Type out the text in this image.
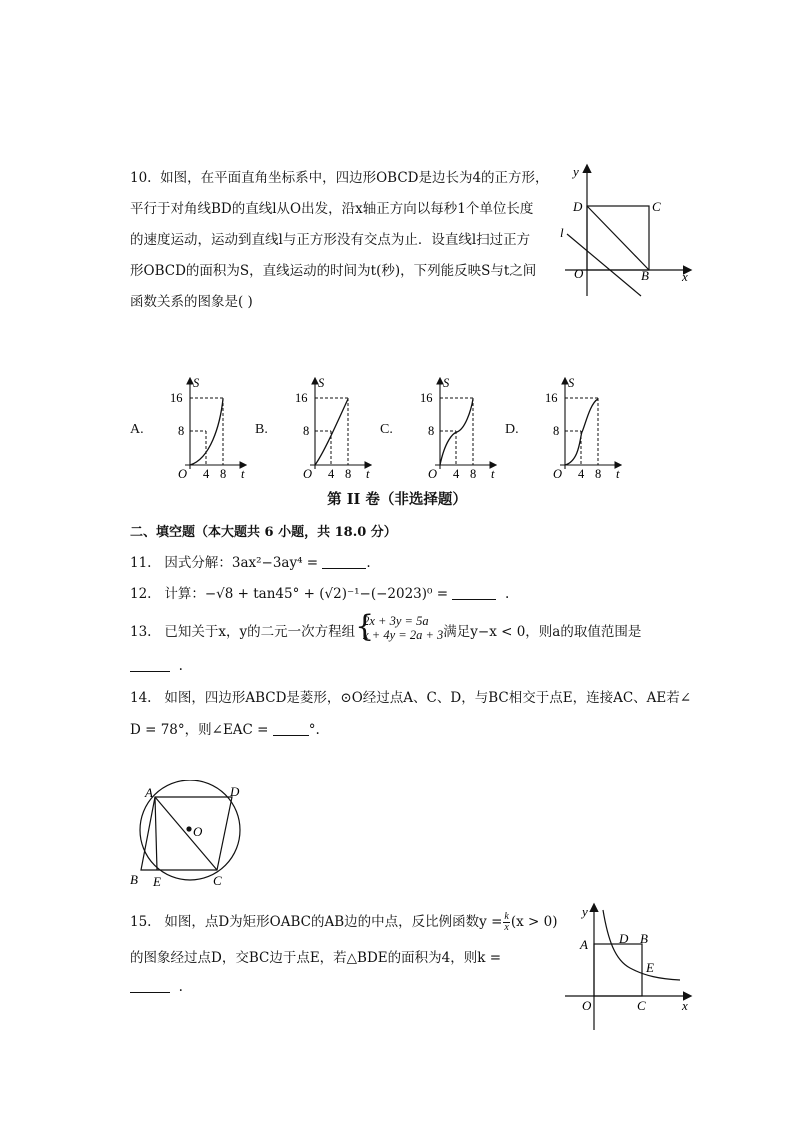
10. 如图，在平面直角坐标系中，四边形OBCD是边长为4的正方形，
平行于对角线BD的直线l从O出发，沿x轴正方向以每秒1个单位长度
的速度运动，运动到直线l与正方形没有交点为止．设直线l扫过正方
形OBCD的面积为S，直线运动的时间为t(秒)，下列能反映S与t之间
函数关系的图象是( )
y
x
D	C
l
O	B
A.
S
t
O
16
8
4 8
B.
S
t
O
16
8
4 8
C.
S
t
O
16
8
4 8
D.
S
t
O
16
8
4 8
第 II 卷（非选择题）
二、填空题（本大题共 6 小题，共 18.0 分）
11. 因式分解：3ax²−3ay⁴ =	.
12. 计算：−√8 + tan45° + (√2)⁻¹−(−2023)⁰ =	.
13. 已知关于x，y的二元一次方程组 {
2x + 3y = 5a
x + 4y = 2a + 3 满足y−x < 0，则a的取值范围是
.
14. 如图，四边形ABCD是菱形，⊙O经过点A、C、D，与BC相交于点E，连接AC、AE若∠
D = 78°，则∠EAC =	°.
A	D
O
B E	C
15. 如图，点D为矩形OABC的AB边的中点，反比例函数$y = \frac{k}{x} (x > 0)$
的图象经过点D，交BC边于点E，若△BDE的面积为4，则k =
.
y
x
A D B
E
O	C
